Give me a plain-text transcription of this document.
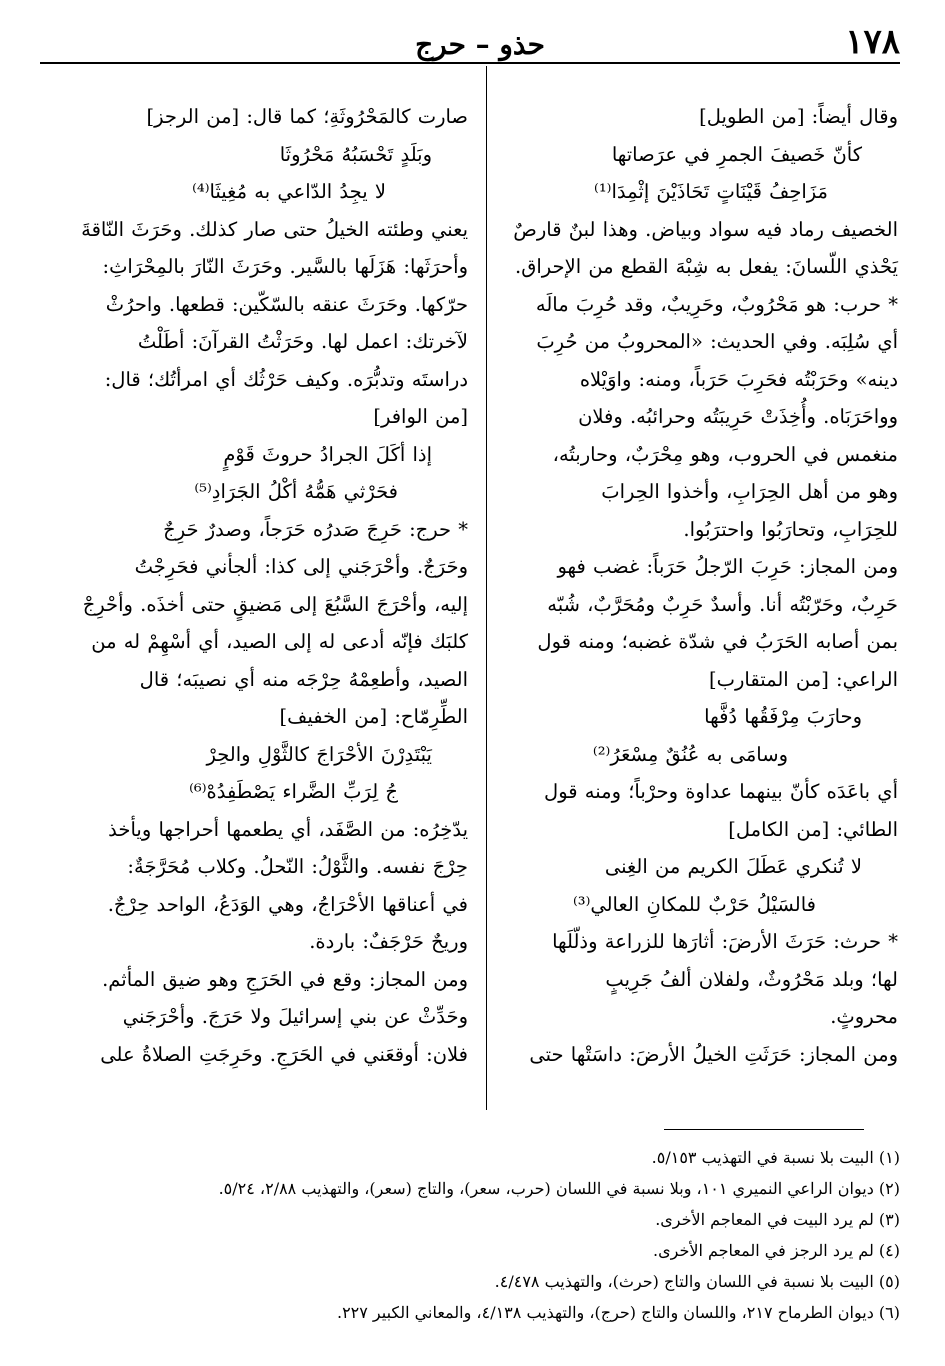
١٧٨
حذو – حرج

وقال أيضاً: [من الطويل]

كأنّ خَصيفَ الجمرِ في عرَصاتها

مَزَاحِفُ قَيْنَاتٍ تَحَاذَيْنَ إثْمِدَا⁽¹⁾

الخصيف رماد فيه سواد وبياض. وهذا لبنٌ قارصٌ

يَحْذي اللّسانَ: يفعل به شِبْهَ القطع من الإحراق.

* حرب: هو مَحْرُوبٌ، وحَرِيبٌ، وقد حُرِبَ مالَه

أي سُلِبَه. وفي الحديث: «المحروبُ من حُرِبَ

دينه» وحَرَبْتُه فحَرِبَ حَرَباً، ومنه: واوَيْلاه

وواحَرَبَاه. وأُخِذَتْ حَرِيبَتُه وحرائبُه. وفلان

منغمس في الحروب، وهو مِحْرَبٌ، وحاربتُه،

وهو من أهل الحِرَابِ، وأخذوا الحِرابَ

للحِرَابِ، وتحارَبُوا واحترَبُوا.

ومن المجاز: حَرِبَ الرّجلُ حَرَباً: غضب فهو

حَرِبٌ، وحَرّبْتُه أنا. وأسدٌ حَرِبٌ ومُحَرَّبٌ، شُبّه

بمن أصابه الحَرَبُ في شدّة غضبه؛ ومنه قول

الراعي: [من المتقارب]

وحارَبَ مِرْفَقُها دُفَّها

وسامَى به عُنُقٌ مِسْعَرُ⁽²⁾

أي باعَدَه كأنّ بينهما عداوة وحرْباً؛ ومنه قول

الطائي: [من الكامل]

لا تُنكري عَطَلَ الكريم من الغِنى

فالسَيْلُ حَرْبٌ للمكانِ العالي⁽³⁾

* حرث: حَرَثَ الأرضَ: أثارَها للزراعة وذلّلَها

لها؛ وبلد مَحْرُوثٌ، ولفلان ألفُ جَرِيبٍ

محروثٍ.

ومن المجاز: حَرَثَتِ الخيلُ الأرضَ: داسَتْها حتى

صارت كالمَحْرُوثَةِ؛ كما قال: [من الرجز]

وبَلَدٍ تَحْسَبُهُ مَحْرُوثَا

لا يجِدُ الدّاعي به مُغِيثَا⁽⁴⁾

يعني وطئته الخيلُ حتى صار كذلك. وحَرَثَ النّاقةَ

وأحرَثَها: هَزَلَها بالسَّير. وحَرَثَ النّارَ بالمِحْرَاثِ:

حرّكها. وحَرَثَ عنقه بالسّكّين: قطعها. واحرُثْ

لآخرتك: اعمل لها. وحَرَثْتُ القرآنَ: أطَلْتُ

دراستَه وتدبُّرَه. وكيف حَرْثُك أي امرأتُك؛ قال:

[من الوافر]

إذا أكَلَ الجرادُ حروثَ قَوْمٍ

فحَرْثي هَمُّهُ أكْلُ الجَرَادِ⁽⁵⁾

* حرج: حَرِجَ صَدرُه حَرَجاً، وصدرٌ حَرِجٌ

وحَرَجٌ. وأحْرَجَني إلى كذا: ألجأني فحَرِجْتُ

إليه، وأحْرَجَ السَّبُعَ إلى مَضيقٍ حتى أخذَه. وأحْرِجْ

كلبَك فإنّه أدعى له إلى الصيد، أي أسْهِمْ له من

الصيد، وأطعِمْهُ حِرْجَه منه أي نصيبَه؛ قال

الطِّرِمّاح: [من الخفيف]

يَبْتَدِرْنَ الأحْرَاجَ كالثَّوْلِ والحِرْ

جُ لِرَبِّ الضَّراء يَصْطَفِدُهْ⁽⁶⁾

يدّخِرُه: من الصَّفَد، أي يطعمها أحراجها ويأخذ

حِرْجَ نفسه. والثَّوْلُ: النّحلُ. وكلاب مُحَرَّجَةٌ:

في أعناقها الأحْرَاجُ، وهي الوَدَعُ، الواحد حِرْجٌ.

وريحٌ حَرْجَفٌ: باردة.

ومن المجاز: وقع في الحَرَجِ وهو ضيق المأثم.

وحَدِّثْ عن بني إسرائيلَ ولا حَرَجَ. وأحْرَجَني

فلان: أوقعَني في الحَرَجِ. وحَرِجَتِ الصلاةُ على

(١) البيت بلا نسبة في التهذيب ٥/١٥٣.
(٢) ديوان الراعي النميري ١٠١، وبلا نسبة في اللسان (حرب، سعر)، والتاج (سعر)، والتهذيب ٢/٨٨، ٥/٢٤.
(٣) لم يرد البيت في المعاجم الأخرى.
(٤) لم يرد الرجز في المعاجم الأخرى.
(٥) البيت بلا نسبة في اللسان والتاج (حرث)، والتهذيب ٤/٤٧٨.
(٦) ديوان الطرماح ٢١٧، واللسان والتاج (حرج)، والتهذيب ٤/١٣٨، والمعاني الكبير ٢٢٧.
